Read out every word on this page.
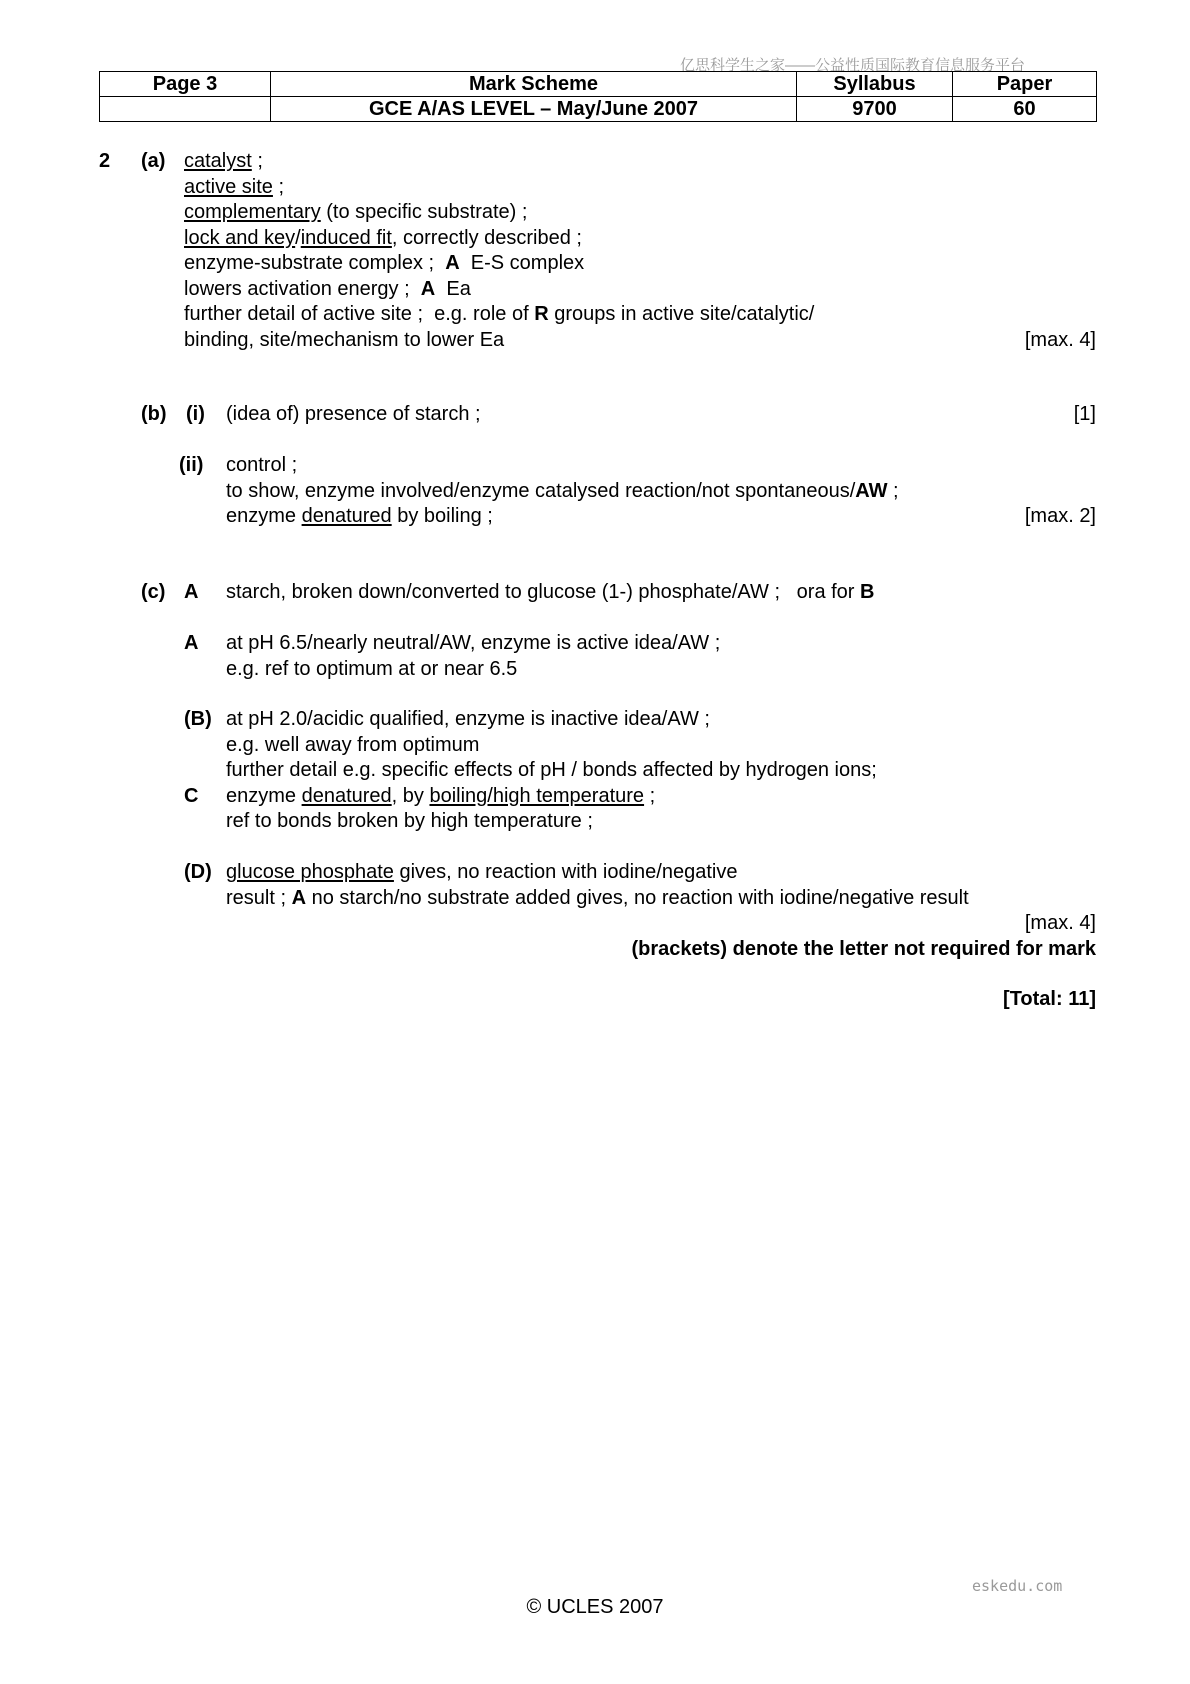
亿思科学生之家——公益性质国际教育信息服务平台
Page 3	Mark Scheme	Syllabus	Paper
	GCE A/AS LEVEL – May/June 2007	9700	60
2 (a) catalyst ;
active site ;
complementary (to specific substrate) ;
lock and key/induced fit, correctly described ;
enzyme-substrate complex ;  A  E-S complex
lowers activation energy ;  A  Ea
further detail of active site ;  e.g. role of R groups in active site/catalytic/
binding, site/mechanism to lower Ea	[max. 4]
(b) (i) (idea of) presence of starch ;	[1]
(ii) control ;
to show, enzyme involved/enzyme catalysed reaction/not spontaneous/AW ;
enzyme denatured by boiling ;	[max. 2]
(c) A starch, broken down/converted to glucose (1-) phosphate/AW ;   ora for B
A at pH 6.5/nearly neutral/AW, enzyme is active idea/AW ;
e.g. ref to optimum at or near 6.5
(B) at pH 2.0/acidic qualified, enzyme is inactive idea/AW ;
e.g. well away from optimum
further detail e.g. specific effects of pH / bonds affected by hydrogen ions;
C enzyme denatured, by boiling/high temperature ;
ref to bonds broken by high temperature ;
(D) glucose phosphate gives, no reaction with iodine/negative
result ; A no starch/no substrate added gives, no reaction with iodine/negative result
[max. 4]
(brackets) denote the letter not required for mark
[Total: 11]
eskedu.com
© UCLES 2007
